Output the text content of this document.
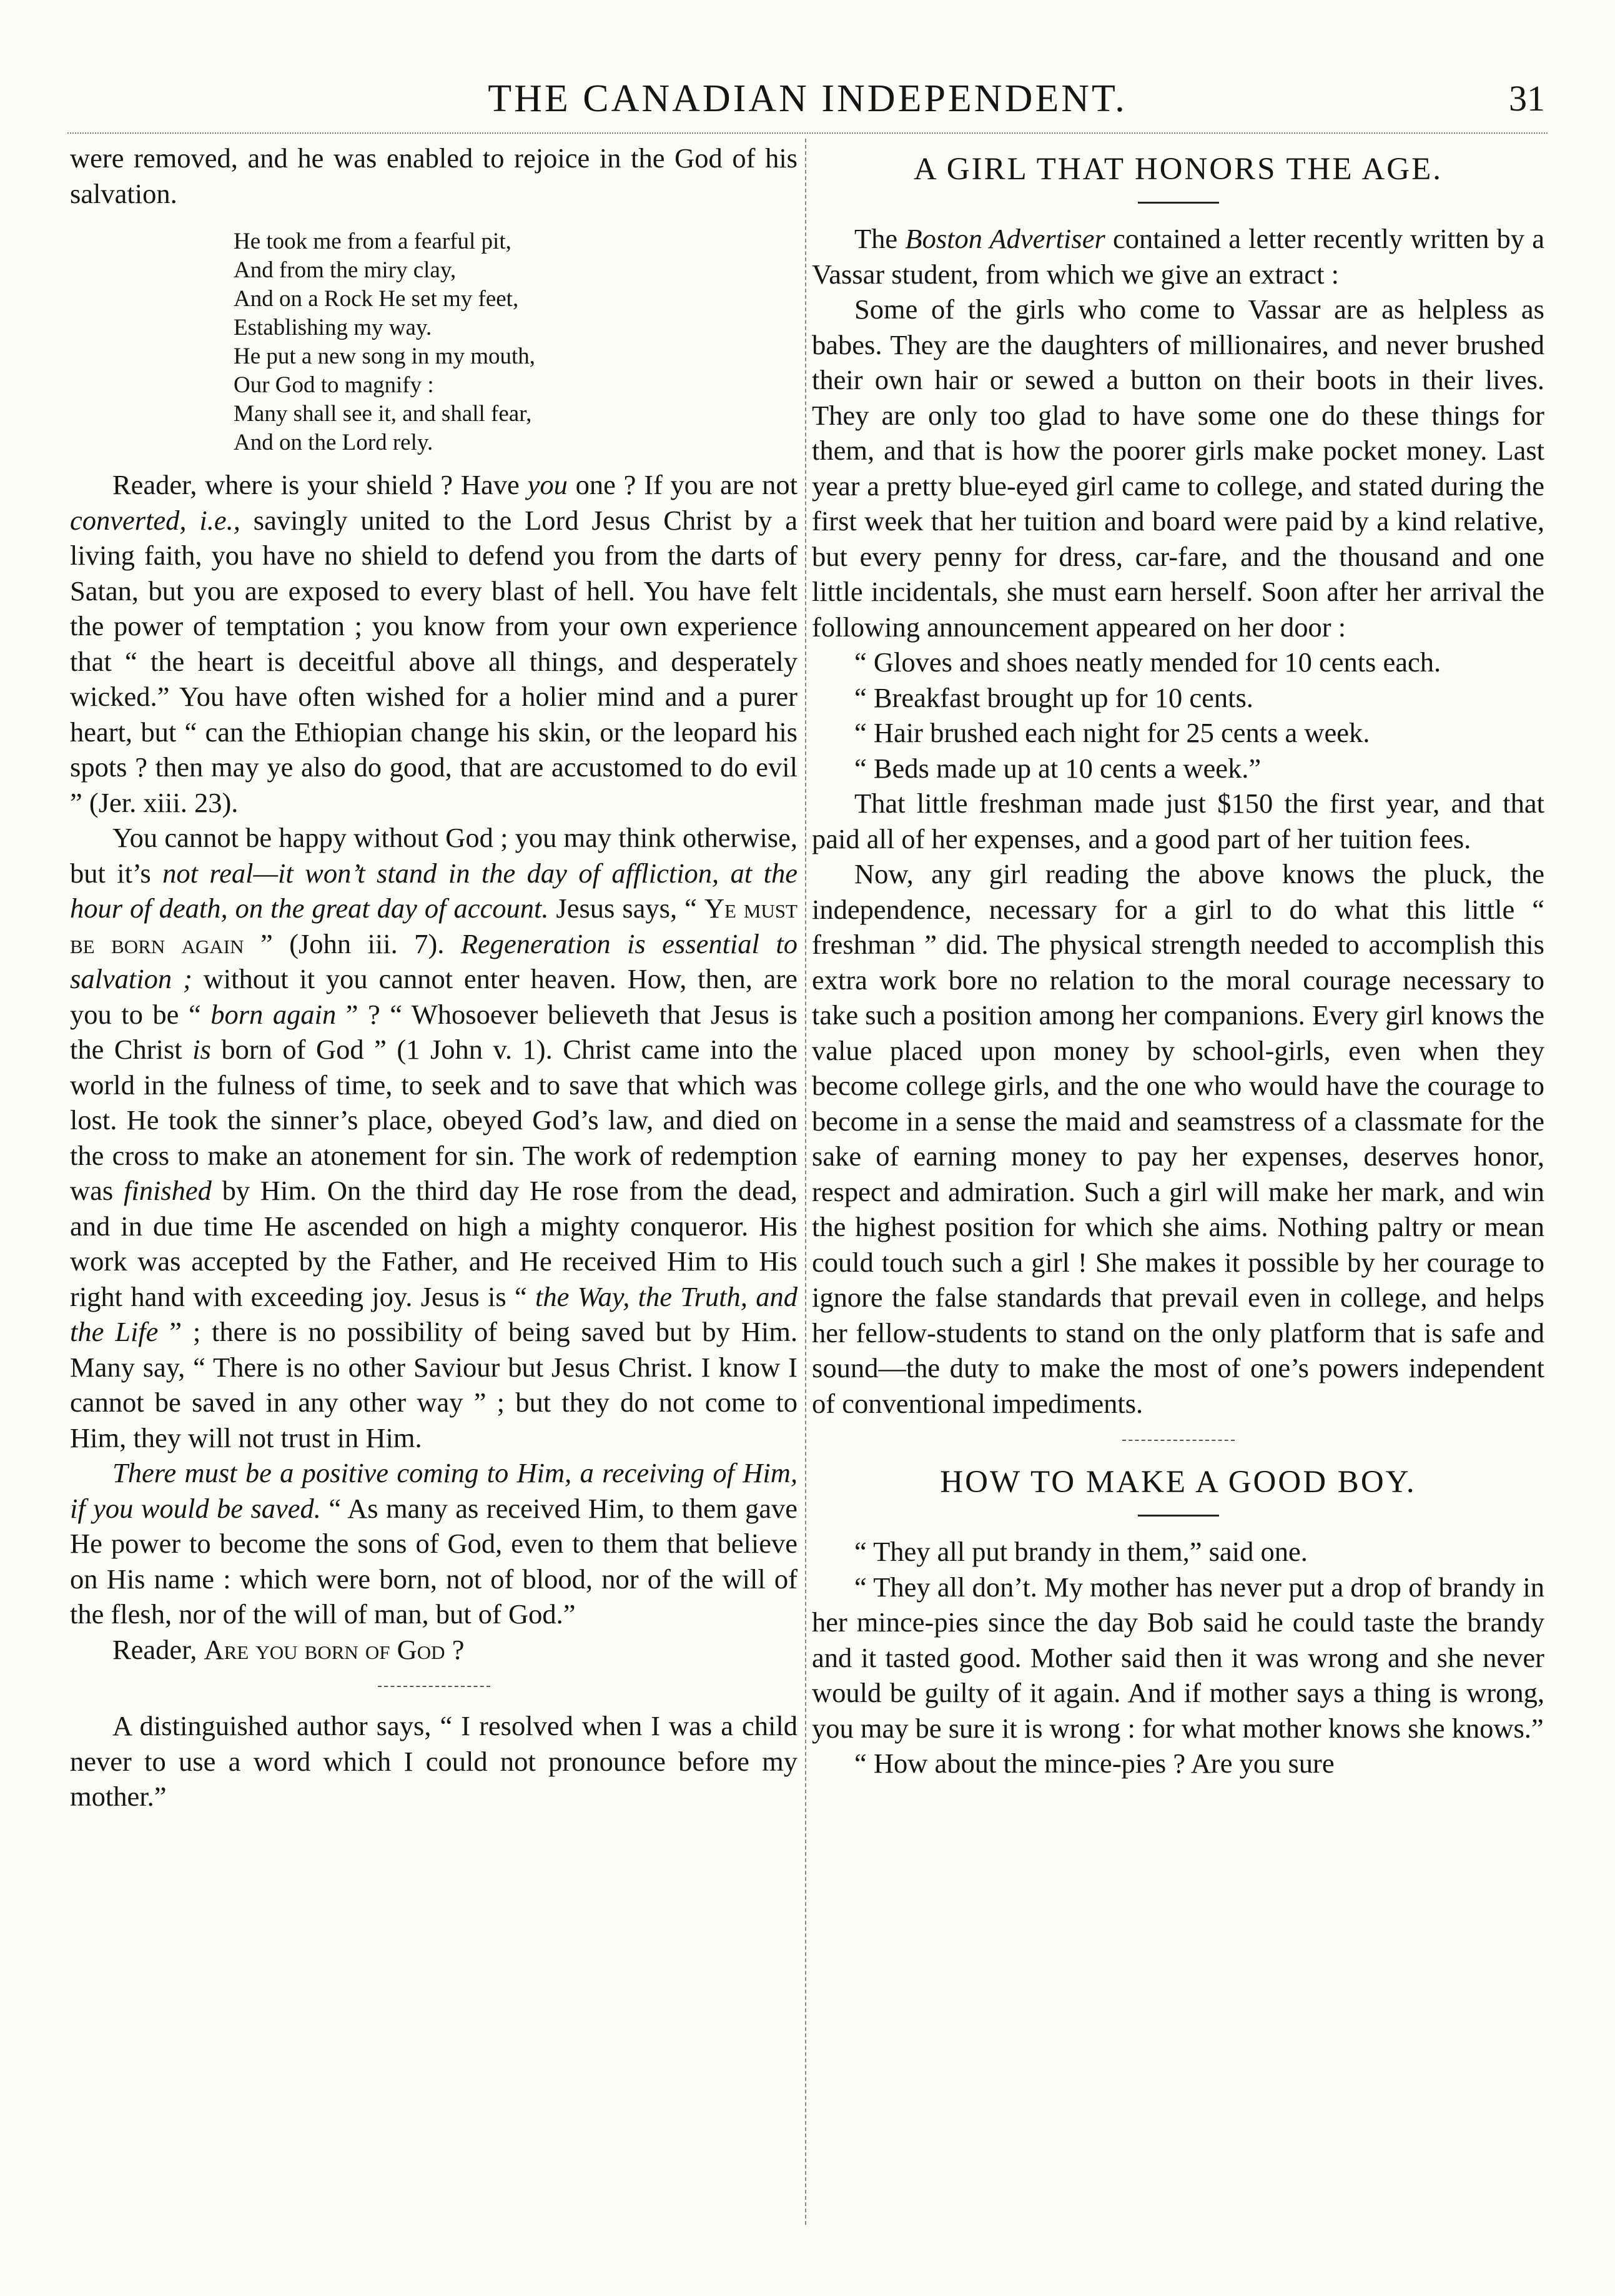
THE CANADIAN INDEPENDENT.	31

were removed, and he was enabled to rejoice in the God of his salvation.

He took me from a fearful pit,
And from the miry clay,
And on a Rock He set my feet,
Establishing my way.
He put a new song in my mouth,
Our God to magnify :
Many shall see it, and shall fear,
And on the Lord rely.

Reader, where is your shield ? Have you one ? If you are not converted, i.e., savingly united to the Lord Jesus Christ by a living faith, you have no shield to defend you from the darts of Satan, but you are exposed to every blast of hell. You have felt the power of temptation ; you know from your own experience that “ the heart is deceitful above all things, and desperately wicked.” You have often wished for a holier mind and a purer heart, but “ can the Ethiopian change his skin, or the leopard his spots ? then may ye also do good, that are accustomed to do evil ” (Jer. xiii. 23).

You cannot be happy without God ; you may think otherwise, but it’s not real—it won’t stand in the day of affliction, at the hour of death, on the great day of account. Jesus says, “ Ye must be born again ” (John iii. 7). Regeneration is essential to salvation ; without it you cannot enter heaven. How, then, are you to be “ born again ” ? “ Whosoever believeth that Jesus is the Christ is born of God ” (1 John v. 1). Christ came into the world in the fulness of time, to seek and to save that which was lost. He took the sinner’s place, obeyed God’s law, and died on the cross to make an atonement for sin. The work of redemption was finished by Him. On the third day He rose from the dead, and in due time He ascended on high a mighty conqueror. His work was accepted by the Father, and He received Him to His right hand with exceeding joy. Jesus is “ the Way, the Truth, and the Life ” ; there is no possibility of being saved but by Him. Many say, “ There is no other Saviour but Jesus Christ. I know I cannot be saved in any other way ” ; but they do not come to Him, they will not trust in Him.

There must be a positive coming to Him, a receiving of Him, if you would be saved. “ As many as received Him, to them gave He power to become the sons of God, even to them that believe on His name : which were born, not of blood, nor of the will of the flesh, nor of the will of man, but of God.”

Reader, Are you born of God ?

A distinguished author says, “ I resolved when I was a child never to use a word which I could not pronounce before my mother.”

A GIRL THAT HONORS THE AGE.

The Boston Advertiser contained a letter recently written by a Vassar student, from which we give an extract :

Some of the girls who come to Vassar are as helpless as babes. They are the daughters of millionaires, and never brushed their own hair or sewed a button on their boots in their lives. They are only too glad to have some one do these things for them, and that is how the poorer girls make pocket money. Last year a pretty blue-eyed girl came to college, and stated during the first week that her tuition and board were paid by a kind relative, but every penny for dress, car-fare, and the thousand and one little incidentals, she must earn herself. Soon after her arrival the following announcement appeared on her door :

“ Gloves and shoes neatly mended for 10 cents each.

“ Breakfast brought up for 10 cents.

“ Hair brushed each night for 25 cents a week.

“ Beds made up at 10 cents a week.”

That little freshman made just $150 the first year, and that paid all of her expenses, and a good part of her tuition fees.

Now, any girl reading the above knows the pluck, the independence, necessary for a girl to do what this little “ freshman ” did. The physical strength needed to accomplish this extra work bore no relation to the moral courage necessary to take such a position among her companions. Every girl knows the value placed upon money by school-girls, even when they become college girls, and the one who would have the courage to become in a sense the maid and seamstress of a classmate for the sake of earning money to pay her expenses, deserves honor, respect and admiration. Such a girl will make her mark, and win the highest position for which she aims. Nothing paltry or mean could touch such a girl ! She makes it possible by her courage to ignore the false standards that prevail even in college, and helps her fellow-students to stand on the only platform that is safe and sound—the duty to make the most of one’s powers independent of conventional impediments.

HOW TO MAKE A GOOD BOY.

“ They all put brandy in them,” said one.

“ They all don’t. My mother has never put a drop of brandy in her mince-pies since the day Bob said he could taste the brandy and it tasted good. Mother said then it was wrong and she never would be guilty of it again. And if mother says a thing is wrong, you may be sure it is wrong : for what mother knows she knows.”

“ How about the mince-pies ? Are you sure
